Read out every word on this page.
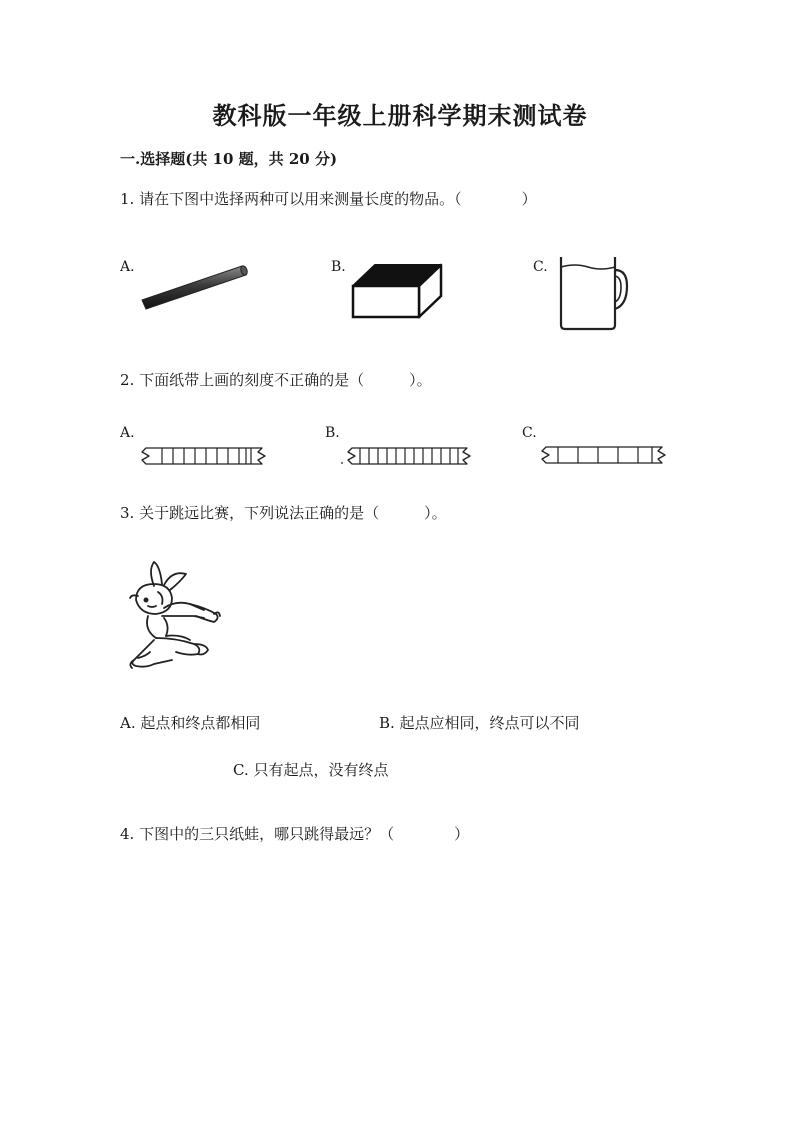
教科版一年级上册科学期末测试卷
一.选择题(共 10 题，共 20 分)
1. 请在下图中选择两种可以用来测量长度的物品。（　　　　）
A.	B.	C.
2. 下面纸带上画的刻度不正确的是（　　　）。
A.	B.	C.
3. 关于跳远比赛，下列说法正确的是（　　　）。
A. 起点和终点都相同	B. 起点应相同，终点可以不同
C. 只有起点，没有终点
4. 下图中的三只纸蛙，哪只跳得最远？（　　　　）
